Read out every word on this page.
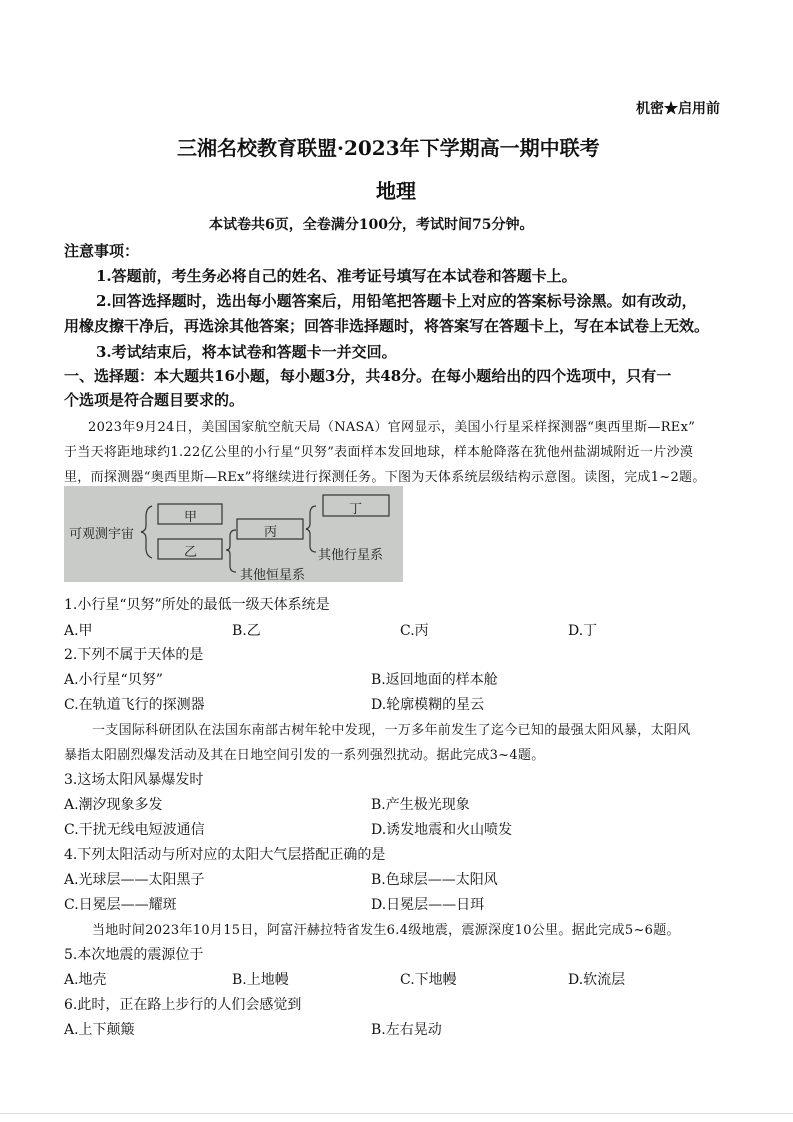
机密★启用前
三湘名校教育联盟·2023年下学期高一期中联考
地理
本试卷共6页，全卷满分100分，考试时间75分钟。
注意事项：
1.答题前，考生务必将自己的姓名、准考证号填写在本试卷和答题卡上。
2.回答选择题时，选出每小题答案后，用铅笔把答题卡上对应的答案标号涂黑。如有改动，
用橡皮擦干净后，再选涂其他答案；回答非选择题时，将答案写在答题卡上，写在本试卷上无效。
3.考试结束后，将本试卷和答题卡一并交回。
一、选择题：本大题共16小题，每小题3分，共48分。在每小题给出的四个选项中，只有一
个选项是符合题目要求的。
2023年9月24日，美国国家航空航天局（NASA）官网显示，美国小行星采样探测器“奥西里斯—REx”
于当天将距地球约1.22亿公里的小行星“贝努”表面样本发回地球，样本舱降落在犹他州盐湖城附近一片沙漠
里，而探测器“奥西里斯—REx”将继续进行探测任务。下图为天体系统层级结构示意图。读图，完成1~2题。
可观测宇宙
甲
乙
丙
丁
其他行星系
其他恒星系
1.小行星“贝努”所处的最低一级天体系统是
A.甲	B.乙	C.丙	D.丁
2.下列不属于天体的是
A.小行星“贝努”	B.返回地面的样本舱
C.在轨道飞行的探测器	D.轮廓模糊的星云
一支国际科研团队在法国东南部古树年轮中发现，一万多年前发生了迄今已知的最强太阳风暴，太阳风
暴指太阳剧烈爆发活动及其在日地空间引发的一系列强烈扰动。据此完成3~4题。
3.这场太阳风暴爆发时
A.潮汐现象多发	B.产生极光现象
C.干扰无线电短波通信	D.诱发地震和火山喷发
4.下列太阳活动与所对应的太阳大气层搭配正确的是
A.光球层——太阳黑子	B.色球层——太阳风
C.日冕层——耀斑	D.日冕层——日珥
当地时间2023年10月15日，阿富汗赫拉特省发生6.4级地震，震源深度10公里。据此完成5~6题。
5.本次地震的震源位于
A.地壳	B.上地幔	C.下地幔	D.软流层
6.此时，正在路上步行的人们会感觉到
A.上下颠簸	B.左右晃动
